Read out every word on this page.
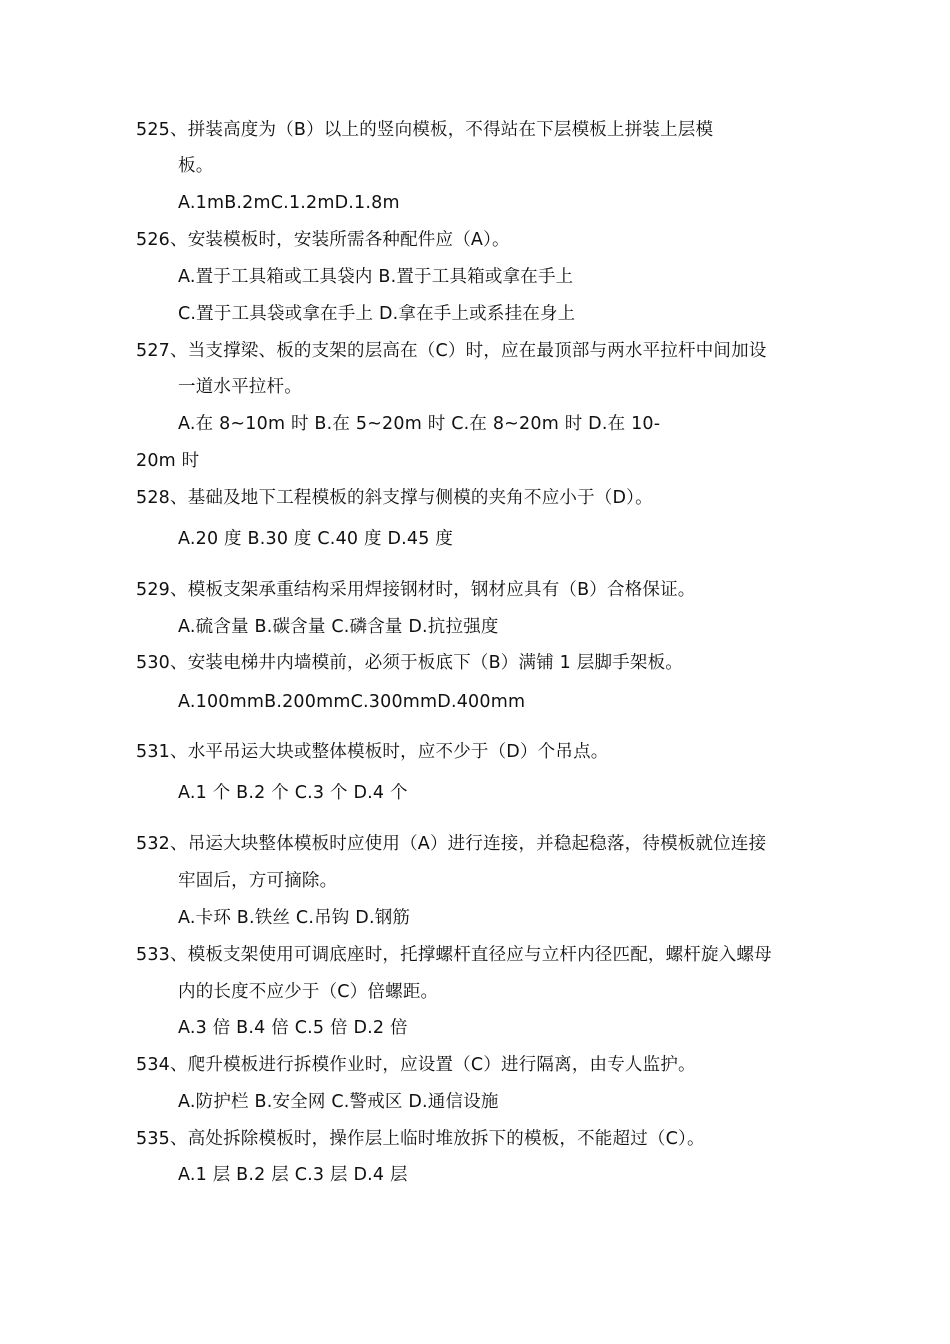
525、拼装高度为（B）以上的竖向模板，不得站在下层模板上拼装上层模
板。
A.1mB.2mC.1.2mD.1.8m
526、安装模板时，安装所需各种配件应（A）。
A.置于工具箱或工具袋内 B.置于工具箱或拿在手上
C.置于工具袋或拿在手上 D.拿在手上或系挂在身上
527、当支撑梁、板的支架的层高在（C）时，应在最顶部与两水平拉杆中间加设
一道水平拉杆。
A.在 8~10m 时 B.在 5~20m 时 C.在 8~20m 时 D.在 10-
20m 时
528、基础及地下工程模板的斜支撑与侧模的夹角不应小于（D）。
A.20 度 B.30 度 C.40 度 D.45 度
529、模板支架承重结构采用焊接钢材时，钢材应具有（B）合格保证。
A.硫含量 B.碳含量 C.磷含量 D.抗拉强度
530、安装电梯井内墙模前，必须于板底下（B）满铺 1 层脚手架板。
A.100mmB.200mmC.300mmD.400mm
531、水平吊运大块或整体模板时，应不少于（D）个吊点。
A.1 个 B.2 个 C.3 个 D.4 个
532、吊运大块整体模板时应使用（A）进行连接，并稳起稳落，待模板就位连接
牢固后，方可摘除。
A.卡环 B.铁丝 C.吊钩 D.钢筋
533、模板支架使用可调底座时，托撑螺杆直径应与立杆内径匹配，螺杆旋入螺母
内的长度不应少于（C）倍螺距。
A.3 倍 B.4 倍 C.5 倍 D.2 倍
534、爬升模板进行拆模作业时，应设置（C）进行隔离，由专人监护。
A.防护栏 B.安全网 C.警戒区 D.通信设施
535、高处拆除模板时，操作层上临时堆放拆下的模板，不能超过（C）。
A.1 层 B.2 层 C.3 层 D.4 层
